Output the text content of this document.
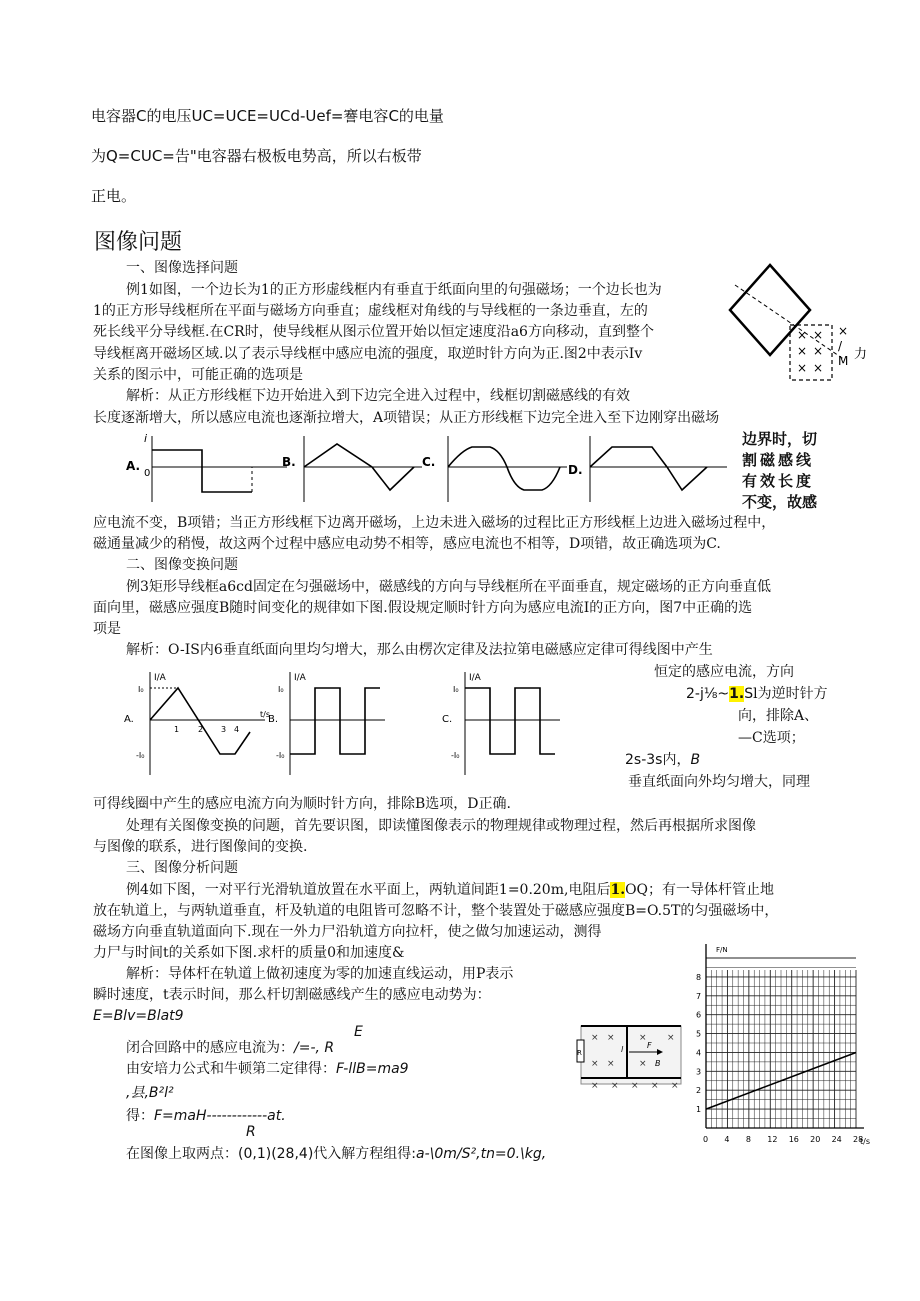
电容器C的电压UC=UCE=UCd-Uef=謇电容C的电量
为Q=CUC=告"电容器右极板电势高，所以右板带
正电。
图像问题
一、图像选择问题
例1如图，一个边长为1的正方形虚线框内有垂直于纸面向里的句强磁场；一个边长也为
1的正方形导线框所在平面与磁场方向垂直；虚线框对角线的与导线框的一条边垂直，左的
死长线平分导线框.在CR时，使导线框从图示位置开始以恒定速度沿a6方向移动，直到整个
导线框离开磁场区域.以了表示导线框中感应电流的强度，取逆时针方向为正.图2中表示Iv
关系的图示中，可能正确的选项是
解析：从正方形线框下边开始进入到下边完全进入过程中，线框切割磁感线的有效
长度逐渐增大，所以感应电流也逐渐拉增大，A项错误；从正方形线框下边完全进入至下边刚穿出磁场
× ×
× ×
× ×
×
/
M 力
A.
i
0
B.	C.
D.
边界时，切
割磁感线
有效长度
不变，故感
应电流不变，B项错；当正方形线框下边离开磁场，上边未进入磁场的过程比正方形线框上边进入磁场过程中，
磁通量减少的稍慢，故这两个过程中感应电动势不相等，感应电流也不相等，D项错，故正确选项为C.
二、图像变换问题
例3矩形导线框a6cd固定在匀强磁场中，磁感线的方向与导线框所在平面垂直，规定磁场的正方向垂直低
面向里，磁感应强度B随时间变化的规律如下图.假设规定顺时针方向为感应电流I的正方向，图7中正确的选
项是
解析：O-IS内6垂直纸面向里均匀增大，那么由楞次定律及法拉第电磁感应定律可得线图中产生
I/A
t/s
A.
I₀
-I₀
1 2 3 4
I/A
B.
I₀
-I₀
I/A
C.
I₀
-I₀
恒定的感应电流，方向
2-j⅛~1.Sl为逆时针方
向，排除A、
—C选项；
2s-3s内，B
垂直纸面向外均匀增大，同理
可得线圈中产生的感应电流方向为顺时针方向，排除B选项，D正确.
处理有关图像变换的问题，首先要识图，即读懂图像表示的物理规律或物理过程，然后再根据所求图像
与图像的联系，进行图像间的变换.
三、图像分析问题
例4如下图，一对平行光滑轨道放置在水平面上，两轨道间距1=0.20m,电阻后1.OQ；有一导体杆管止地
放在轨道上，与两轨道垂直，杆及轨道的电阻皆可忽略不计，整个装置处于磁感应强度B=O.5T的匀强磁场中，
磁场方向垂直轨道面向下.现在一外力尸沿轨道方向拉杆，使之做匀加速运动，测得
力尸与时间t的关系如下图.求杆的质量0和加速度&
解析：导体杆在轨道上做初速度为零的加速直线运动，用P表示
瞬时速度，t表示时间，那么杆切割磁感线产生的感应电动势为：
E=Blv=Blat9
E
闭合回路中的感应电流为：/=-, R
由安培力公式和牛顿第二定律得：F-llB=ma9
,县,B²l²
得：F=maH------------at.
R
在图像上取两点：(0,1)(28,4)代入解方程组得:a-\0m/S²,tn=0.\kg,
R
F
l
B
× ×	× ×
× ×	×
× × × × ×
F/N
t/s
0 4 8 12 16 20 24 28
1
2
3
4
5
6
7
8
